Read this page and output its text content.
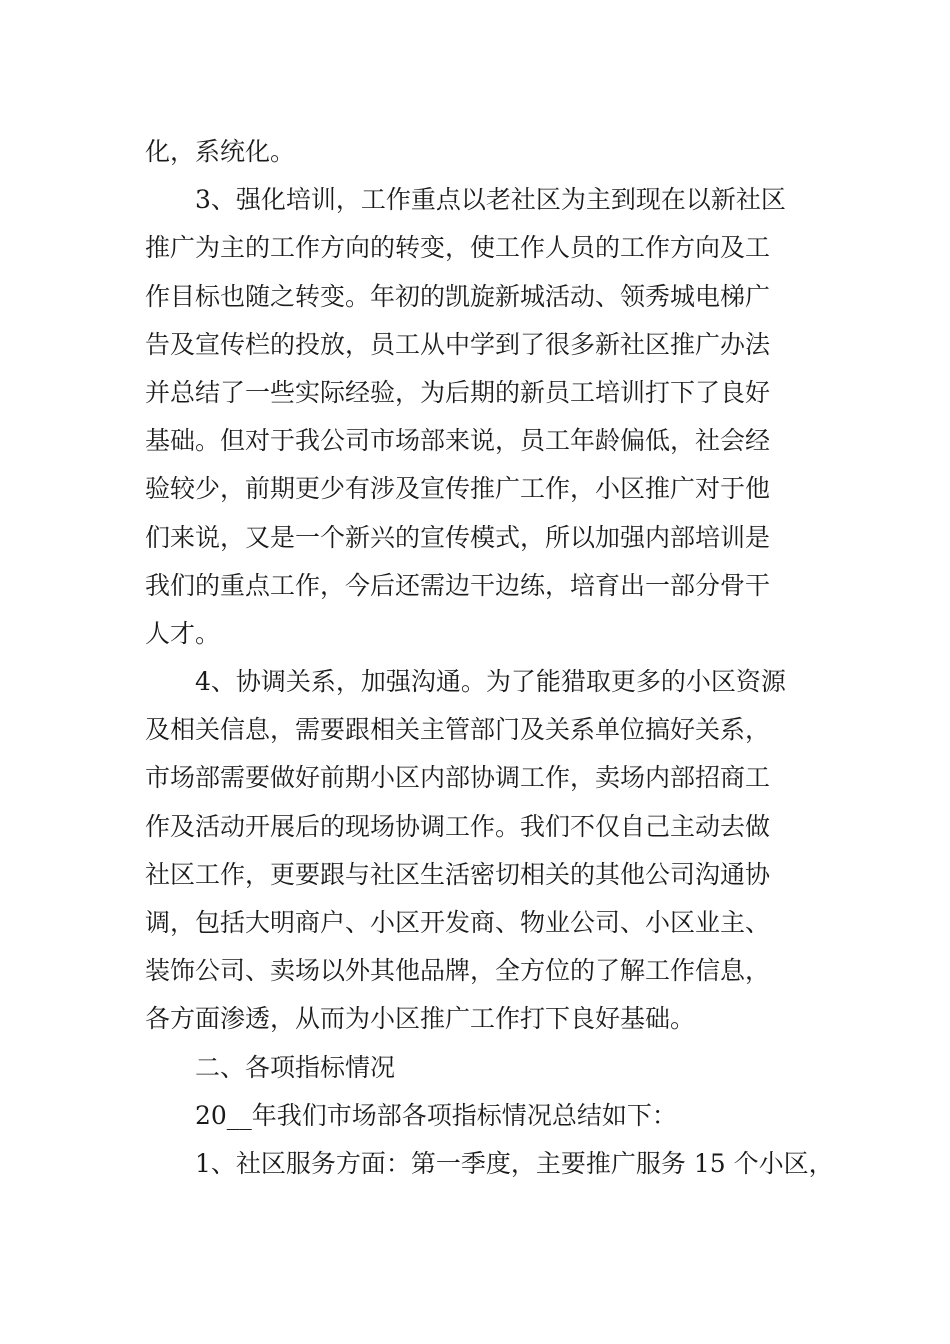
化，系统化。
3、强化培训，工作重点以老社区为主到现在以新社区
推广为主的工作方向的转变，使工作人员的工作方向及工
作目标也随之转变。年初的凯旋新城活动、领秀城电梯广
告及宣传栏的投放，员工从中学到了很多新社区推广办法
并总结了一些实际经验，为后期的新员工培训打下了良好
基础。但对于我公司市场部来说，员工年龄偏低，社会经
验较少，前期更少有涉及宣传推广工作，小区推广对于他
们来说，又是一个新兴的宣传模式，所以加强内部培训是
我们的重点工作，今后还需边干边练，培育出一部分骨干
人才。
4、协调关系，加强沟通。为了能猎取更多的小区资源
及相关信息，需要跟相关主管部门及关系单位搞好关系，
市场部需要做好前期小区内部协调工作，卖场内部招商工
作及活动开展后的现场协调工作。我们不仅自己主动去做
社区工作，更要跟与社区生活密切相关的其他公司沟通协
调，包括大明商户、小区开发商、物业公司、小区业主、
装饰公司、卖场以外其他品牌，全方位的了解工作信息，
各方面渗透，从而为小区推广工作打下良好基础。
二、各项指标情况
20__年我们市场部各项指标情况总结如下：
1、社区服务方面：第一季度，主要推广服务 15 个小区，
